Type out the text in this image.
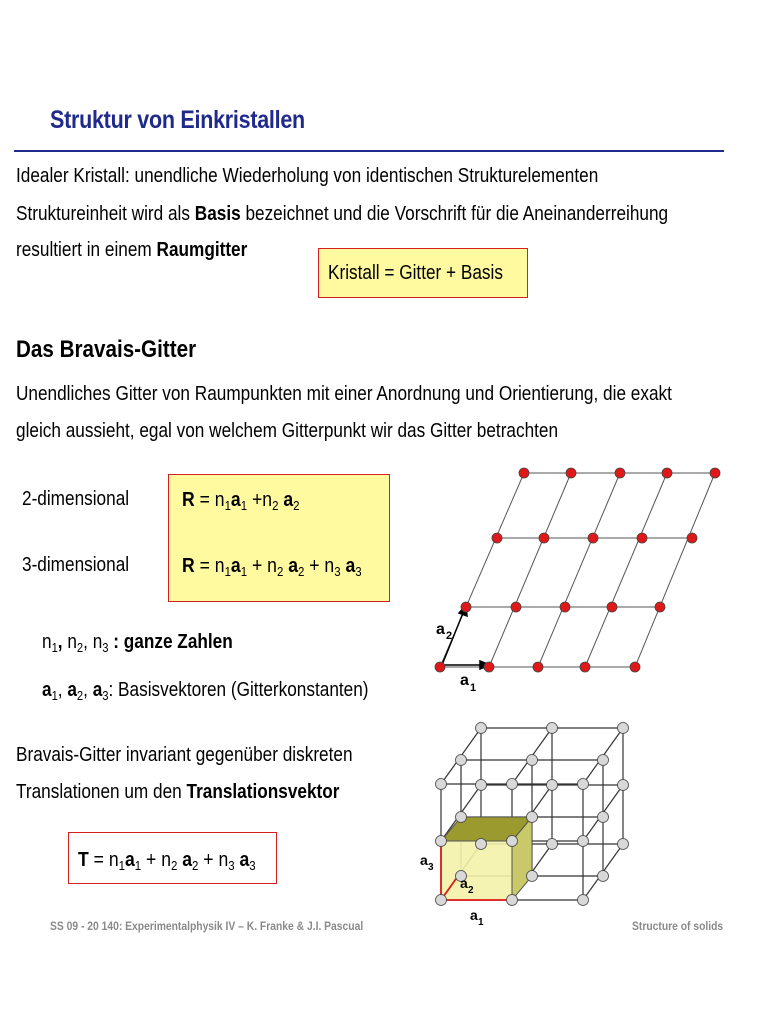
Struktur von Einkristallen
Idealer Kristall: unendliche Wiederholung von identischen Strukturelementen
Struktureinheit wird als Basis bezeichnet und die Vorschrift für die Aneinanderreihung
resultiert in einem Raumgitter
Kristall = Gitter + Basis
Das Bravais-Gitter
Unendliches Gitter von Raumpunkten mit einer Anordnung und Orientierung, die exakt
gleich aussieht, egal von welchem Gitterpunkt wir das Gitter betrachten
2-dimensional
3-dimensional
$R = n_1a_1 +n_2$ $a_2$
$R = n_1a_1 + n_2$ $a_2 + n_3$ $a_3$
$n_1$, $n_2$, $n_3$ : ganze Zahlen
$a_1$, $a_2$, $a_3$: Basisvektoren (Gitterkonstanten)
Bravais-Gitter invariant gegenüber diskreten
Translationen um den Translationsvektor
$T = n_1a_1 + n_2$ $a_2 + n_3$ $a_3$
a 2
a 1
a 3
a 2
a 1
SS 09 - 20 140: Experimentalphysik IV – K. Franke & J.I. Pascual	Structure of solids
